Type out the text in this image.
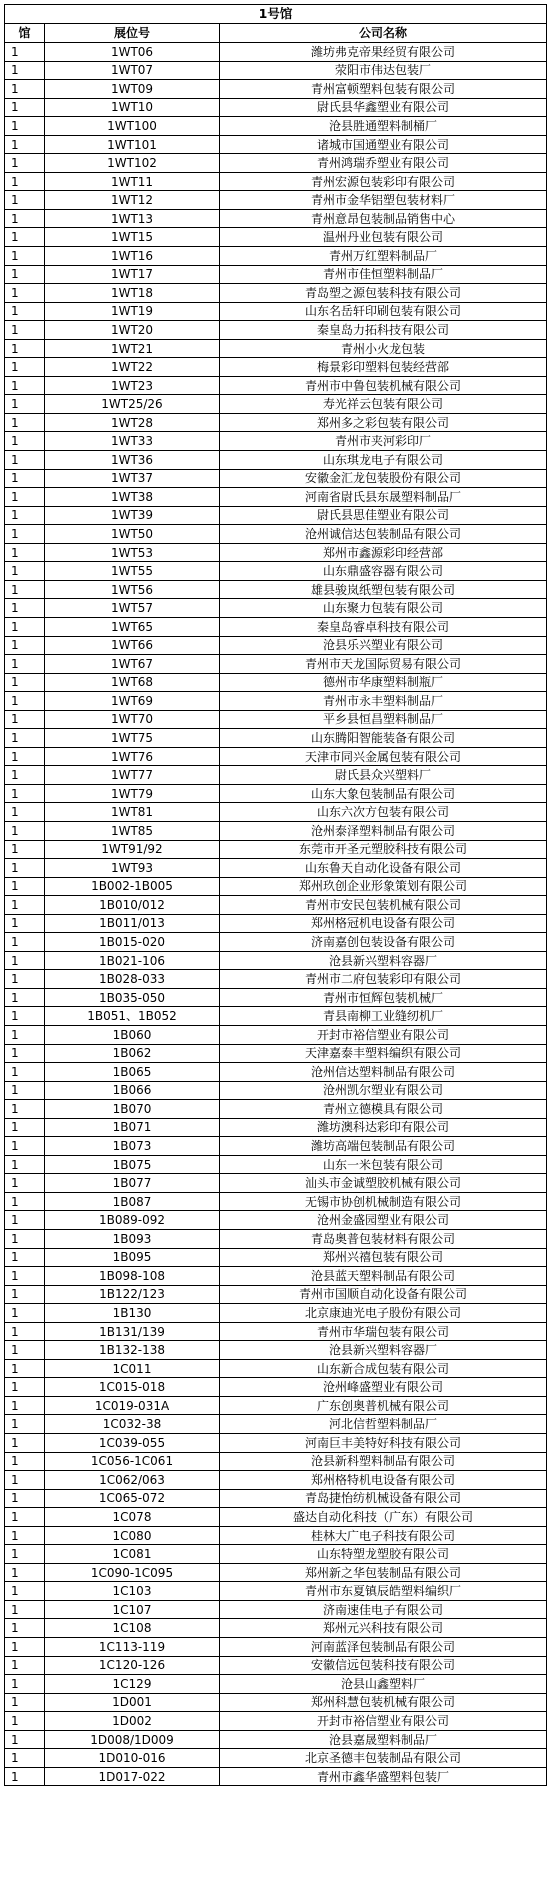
1号馆		
馆	展位号	公司名称
1	1WT06	潍坊弗克帝果经贸有限公司
1	1WT07	荥阳市伟达包装厂
1	1WT09	青州富顿塑料包装有限公司
1	1WT10	尉氏县华鑫塑业有限公司
1	1WT100	沧县胜通塑料制桶厂
1	1WT101	诸城市国通塑业有限公司
1	1WT102	青州鸿瑞乔塑业有限公司
1	1WT11	青州宏源包装彩印有限公司
1	1WT12	青州市金华铝塑包装材料厂
1	1WT13	青州意昂包装制品销售中心
1	1WT15	温州丹业包装有限公司
1	1WT16	青州万红塑料制品厂
1	1WT17	青州市佳恒塑料制品厂
1	1WT18	青岛塑之源包装科技有限公司
1	1WT19	山东名岳轩印刷包装有限公司
1	1WT20	秦皇岛力拓科技有限公司
1	1WT21	青州小火龙包装
1	1WT22	梅景彩印塑料包装经营部
1	1WT23	青州市中鲁包装机械有限公司
1	1WT25/26	寿光祥云包装有限公司
1	1WT28	郑州多之彩包装有限公司
1	1WT33	青州市夹河彩印厂
1	1WT36	山东琪龙电子有限公司
1	1WT37	安徽金汇龙包装股份有限公司
1	1WT38	河南省尉氏县东晟塑料制品厂
1	1WT39	尉氏县思佳塑业有限公司
1	1WT50	沧州诚信达包装制品有限公司
1	1WT53	郑州市鑫源彩印经营部
1	1WT55	山东鼎盛容器有限公司
1	1WT56	雄县骏岚纸塑包装有限公司
1	1WT57	山东聚力包装有限公司
1	1WT65	秦皇岛睿卓科技有限公司
1	1WT66	沧县乐兴塑业有限公司
1	1WT67	青州市天龙国际贸易有限公司
1	1WT68	德州市华康塑料制瓶厂
1	1WT69	青州市永丰塑料制品厂
1	1WT70	平乡县恒昌塑料制品厂
1	1WT75	山东腾阳智能装备有限公司
1	1WT76	天津市同兴金属包装有限公司
1	1WT77	尉氏县众兴塑料厂
1	1WT79	山东大象包装制品有限公司
1	1WT81	山东六次方包装有限公司
1	1WT85	沧州泰泽塑料制品有限公司
1	1WT91/92	东莞市开圣元塑胶科技有限公司
1	1WT93	山东鲁天自动化设备有限公司
1	1B002-1B005	郑州玖创企业形象策划有限公司
1	1B010/012	青州市安民包装机械有限公司
1	1B011/013	郑州格冠机电设备有限公司
1	1B015-020	济南嘉创包装设备有限公司
1	1B021-106	沧县新兴塑料容器厂
1	1B028-033	青州市二府包装彩印有限公司
1	1B035-050	青州市恒辉包装机械厂
1	1B051、1B052	青县南柳工业缝纫机厂
1	1B060	开封市裕信塑业有限公司
1	1B062	天津嘉泰丰塑料编织有限公司
1	1B065	沧州信达塑料制品有限公司
1	1B066	沧州凯尔塑业有限公司
1	1B070	青州立德模具有限公司
1	1B071	潍坊澳科达彩印有限公司
1	1B073	潍坊高端包装制品有限公司
1	1B075	山东一米包装有限公司
1	1B077	汕头市金诚塑胶机械有限公司
1	1B087	无锡市协创机械制造有限公司
1	1B089-092	沧州金盛园塑业有限公司
1	1B093	青岛奥普包装材料有限公司
1	1B095	郑州兴禧包装有限公司
1	1B098-108	沧县蓝天塑料制品有限公司
1	1B122/123	青州市国顺自动化设备有限公司
1	1B130	北京康迪光电子股份有限公司
1	1B131/139	青州市华瑞包装有限公司
1	1B132-138	沧县新兴塑料容器厂
1	1C011	山东新合成包装有限公司
1	1C015-018	沧州峰盛塑业有限公司
1	1C019-031A	广东创奥普机械有限公司
1	1C032-38	河北信哲塑料制品厂
1	1C039-055	河南巨丰美特好科技有限公司
1	1C056-1C061	沧县新科塑料制品有限公司
1	1C062/063	郑州格特机电设备有限公司
1	1C065-072	青岛捷怡纺机械设备有限公司
1	1C078	盛达自动化科技（广东）有限公司
1	1C080	桂林大广电子科技有限公司
1	1C081	山东特塑龙塑胶有限公司
1	1C090-1C095	郑州新之华包装制品有限公司
1	1C103	青州市东夏镇辰皓塑料编织厂
1	1C107	济南速佳电子有限公司
1	1C108	郑州元兴科技有限公司
1	1C113-119	河南蓝泽包装制品有限公司
1	1C120-126	安徽信远包装科技有限公司
1	1C129	沧县山鑫塑料厂
1	1D001	郑州科慧包装机械有限公司
1	1D002	开封市裕信塑业有限公司
1	1D008/1D009	沧县嘉晟塑料制品厂
1	1D010-016	北京圣德丰包装制品有限公司
1	1D017-022	青州市鑫华盛塑料包装厂
